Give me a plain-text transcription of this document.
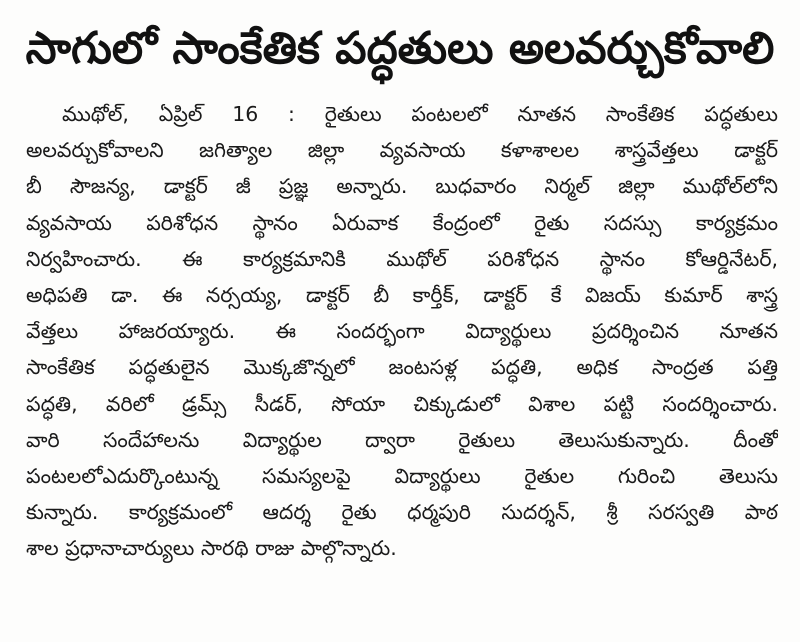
సాగులో సాంకేతిక పద్ధతులు అలవర్చుకోవాలి
ముథోల్, ఏప్రిల్ 16 : రైతులు పంటలలో నూతన సాంకేతిక పద్ధతులు
అలవర్చుకోవాలని జగిత్యాల జిల్లా వ్యవసాయ కళాశాలల శాస్త్రవేత్తలు డాక్టర్
బీ సౌజన్య, డాక్టర్ జీ ప్రజ్ఞ అన్నారు. బుధవారం నిర్మల్ జిల్లా ముథోల్‌లోని
వ్యవసాయ పరిశోధన స్థానం ఏరువాక కేంద్రంలో రైతు సదస్సు కార్యక్రమం
నిర్వహించారు. ఈ కార్యక్రమానికి ముథోల్ పరిశోధన స్థానం కోఆర్డినేటర్,
అధిపతి డా. ఈ నర్సయ్య, డాక్టర్ బీ కార్తీక్, డాక్టర్ కే విజయ్ కుమార్ శాస్త్ర
వేత్తలు హాజరయ్యారు. ఈ సందర్భంగా విద్యార్థులు ప్రదర్శించిన నూతన
సాంకేతిక పద్ధతులైన మొక్కజొన్నలో జంటసళ్ల పద్ధతి, అధిక సాంద్రత పత్తి
పద్ధతి, వరిలో డ్రమ్స్ సీడర్, సోయా చిక్కుడులో విశాల పట్టి సందర్శించారు.
వారి సందేహాలను విద్యార్థుల ద్వారా రైతులు తెలుసుకున్నారు. దీంతో
పంటలలోఎదుర్కొంటున్న సమస్యలపై విద్యార్థులు రైతుల గురించి తెలుసు
కున్నారు. కార్యక్రమంలో ఆదర్శ రైతు ధర్మపురి సుదర్శన్, శ్రీ సరస్వతి పాఠ
శాల ప్రధానాచార్యులు సారథి రాజు పాల్గొన్నారు.
